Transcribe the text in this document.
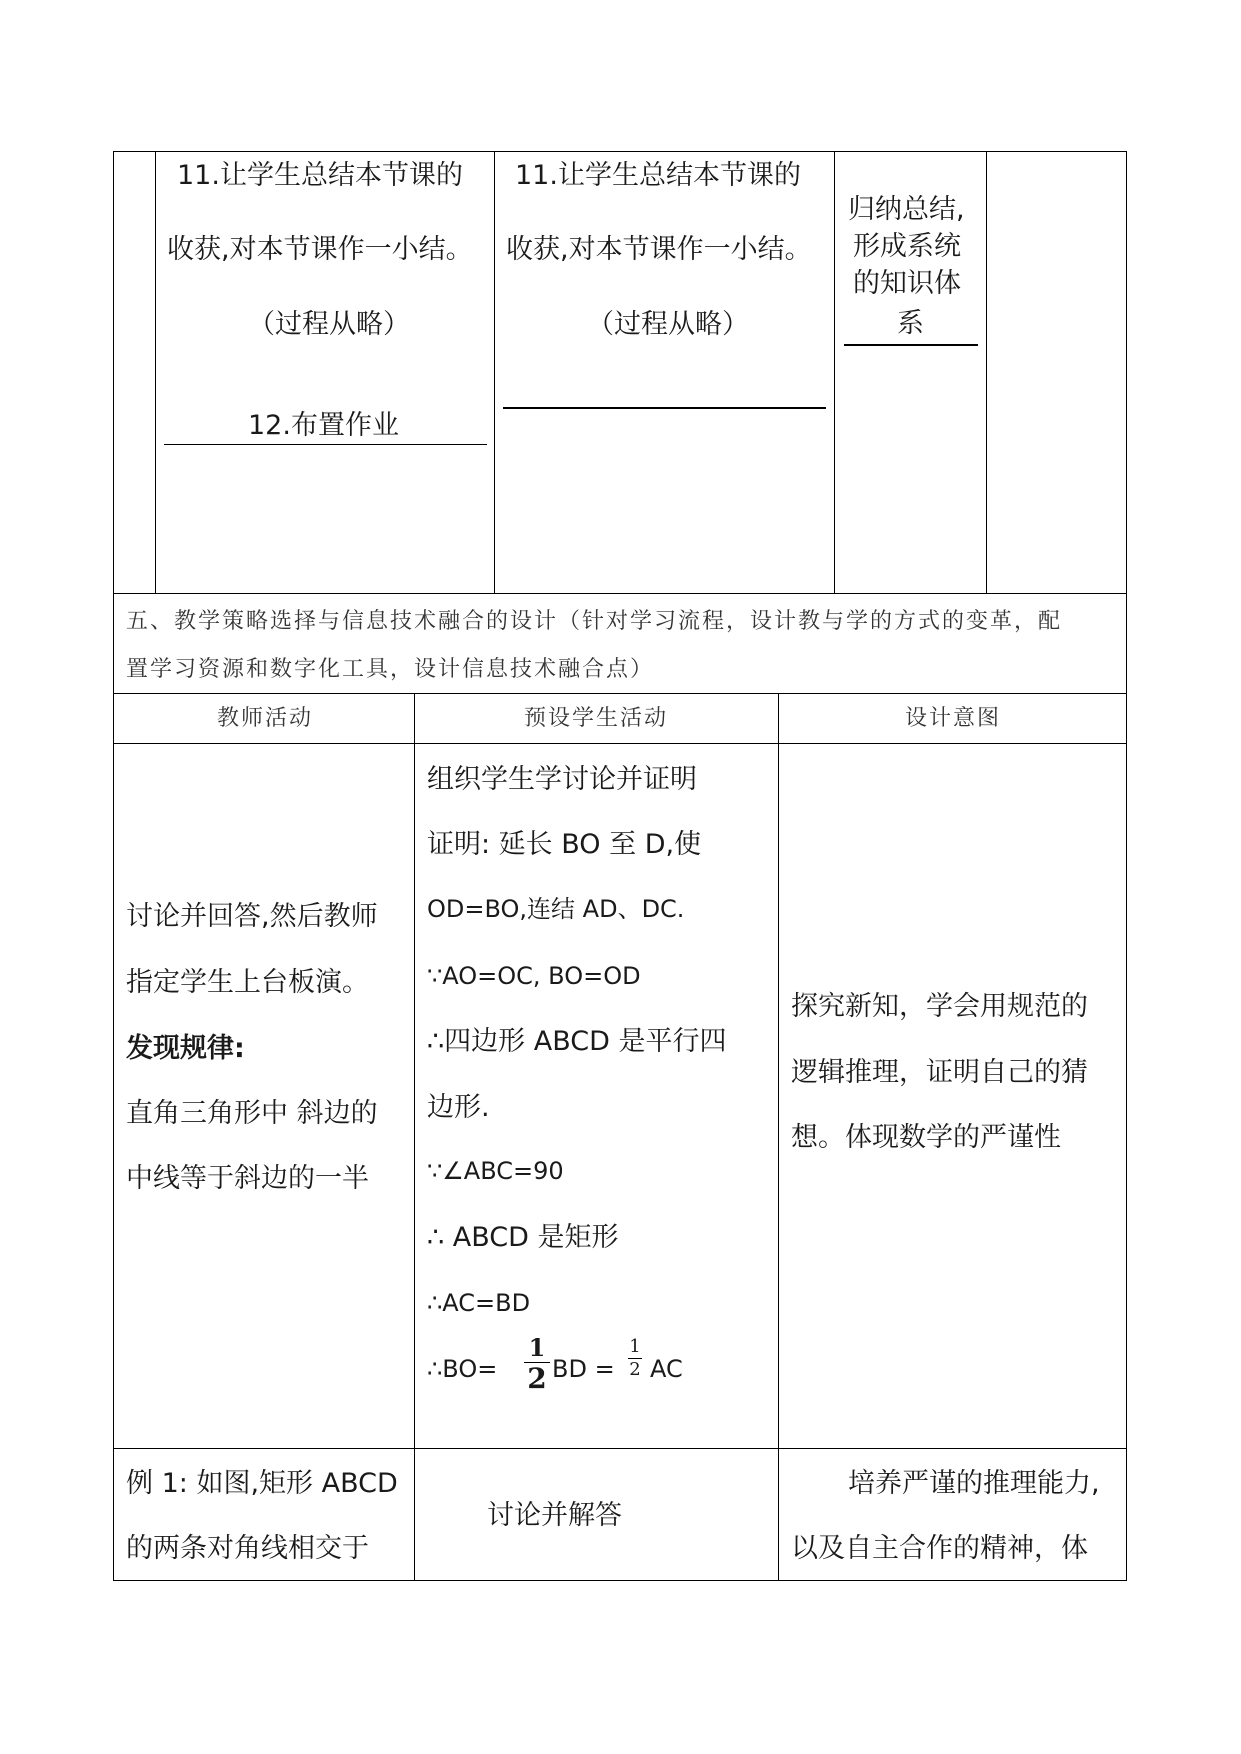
11.让学生总结本节课的
收获,对本节课作一小结。
（过程从略）
12.布置作业
11.让学生总结本节课的
收获,对本节课作一小结。
（过程从略）
归纳总结,
形成系统
的知识体
系
五、教学策略选择与信息技术融合的设计（针对学习流程，设计教与学的方式的变革，配
置学习资源和数字化工具，设计信息技术融合点）
教师活动	预设学生活动	设计意图
讨论并回答,然后教师
指定学生上台板演。
发现规律:
直角三角形中 斜边的
中线等于斜边的一半
组织学生学讨论并证明
证明: 延长 BO 至 D,使
OD=BO,连结 AD、DC.
∵AO=OC, BO=OD
∴四边形 ABCD 是平行四
边形.
∵∠ABC=90
∴ ABCD 是矩形
∴AC=BD
∴BO=
1
2 BD =
1
2 AC
探究新知，学会用规范的
逻辑推理，证明自己的猜
想。体现数学的严谨性
例 1: 如图,矩形 ABCD
的两条对角线相交于
讨论并解答
培养严谨的推理能力,
以及自主合作的精神，体
